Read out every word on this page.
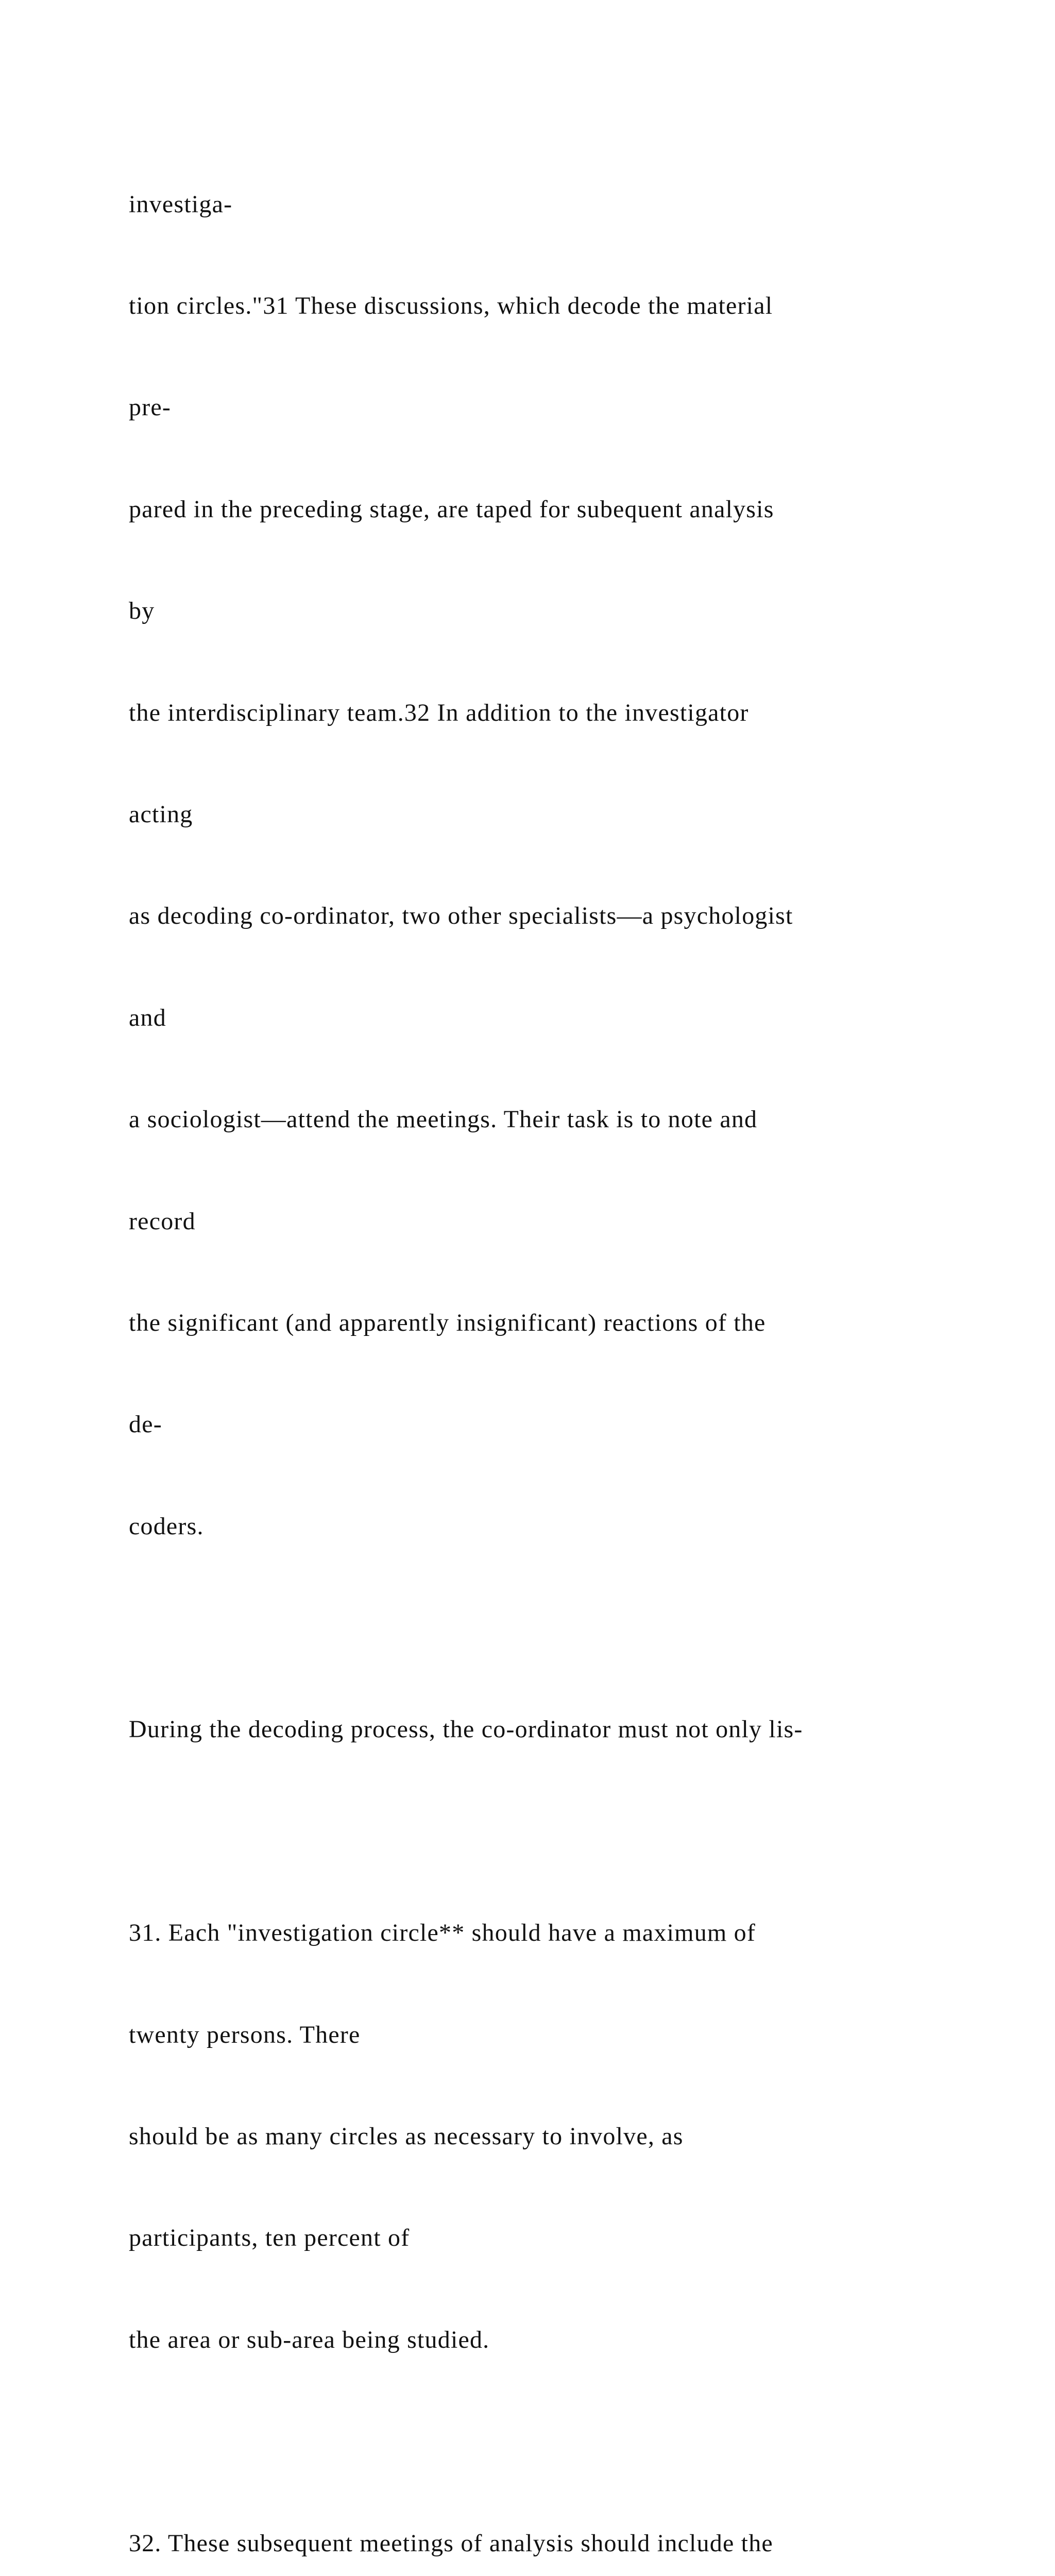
investiga-

tion circles."31 These discussions, which decode the material

pre-

pared in the preceding stage, are taped for subequent analysis

by

the interdisciplinary team.32 In addition to the investigator

acting

as decoding co-ordinator, two other specialists—a psychologist

and

a sociologist—attend the meetings. Their task is to note and

record

the significant (and apparently insignificant) reactions of the

de-

coders.

During the decoding process, the co-ordinator must not only lis-

31. Each "investigation circle** should have a maximum of

twenty persons. There

should be as many circles as necessary to involve, as

participants, ten percent of

the area or sub-area being studied.

32. These subsequent meetings of analysis should include the
